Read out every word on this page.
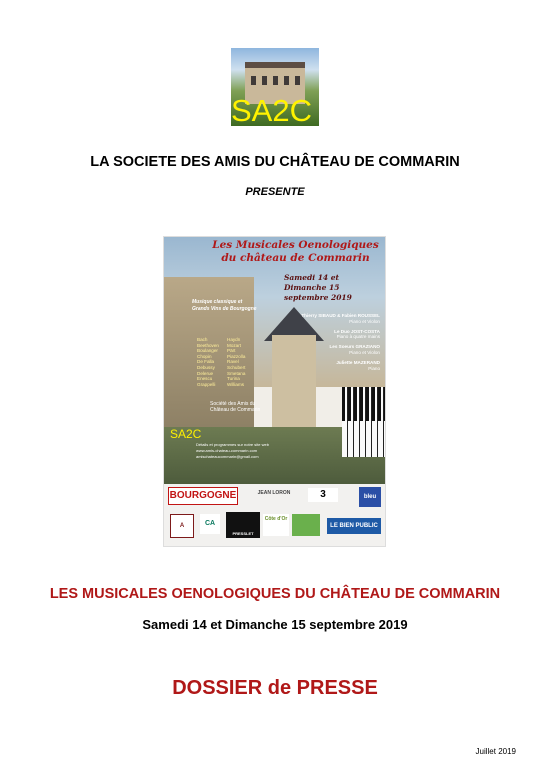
SA2C
LA SOCIETE DES AMIS DU CHÂTEAU DE COMMARIN
PRESENTE
Les Musicales Oenologiques
du château de Commarin
Samedi 14 et
Dimanche 15 septembre 2019
Musique classique et
Grands Vins de Bourgogne
Bach	Haydn
Beethoven	Mozart
Boulanger	Pärt
Chopin	Piazzolla
De Falla	Ravel
Debussy	Schubert
Delerue	Smetana
Enescu	Turina
Grappelli	Williams
Thierry SIBAUD & Fabien ROUSSEL
Piano et Violon
Le Duo JOST-COSTA
Piano à quatre mains
Les Soeurs GRAZIANO
Piano et Violon
Juliette MAZERAND
Piano
SA2C
Société des Amis du
Château de Commarin
Détails et programmes sur notre site web
www.amis-chateau-commarin.com
amischateaucommarin@gmail.com
BOURGOGNE	JEAN LORON	3	bleu
A	CA
PRESSLET
Côte d'Or
LE BIEN PUBLIC
LES MUSICALES OENOLOGIQUES DU CHÂTEAU DE COMMARIN
Samedi 14 et Dimanche 15 septembre 2019
DOSSIER de PRESSE
Juillet 2019
